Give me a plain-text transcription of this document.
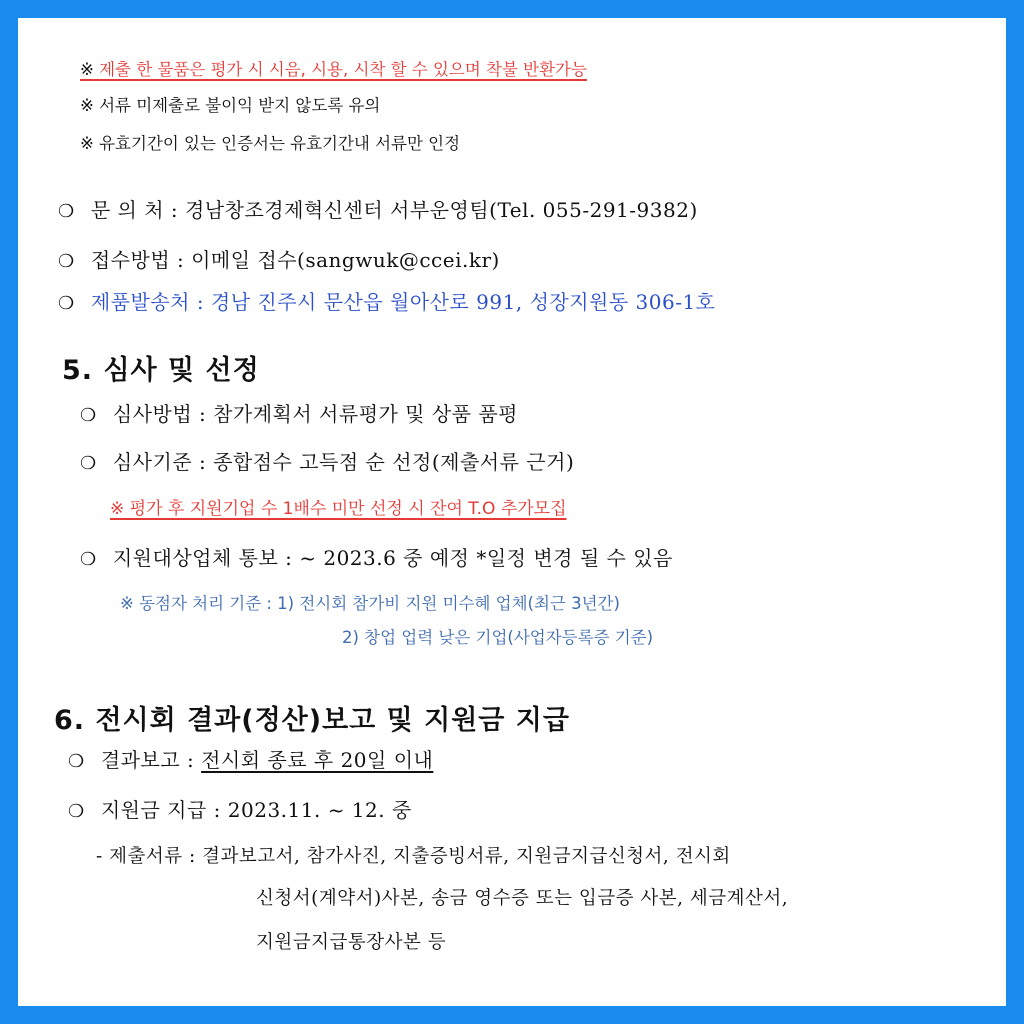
※ 제출 한 물품은 평가 시 시음, 시용, 시착 할 수 있으며 착불 반환가능
※ 서류 미제출로 불이익 받지 않도록 유의
※ 유효기간이 있는 인증서는 유효기간내 서류만 인정
❍ 문 의 처 : 경남창조경제혁신센터 서부운영팀(Tel. 055-291-9382)
❍ 접수방법 : 이메일 접수(sangwuk@ccei.kr)
❍ 제품발송처 : 경남 진주시 문산읍 월아산로 991, 성장지원동 306-1호
5. 심사 및 선정
❍ 심사방법 : 참가계획서 서류평가 및 상품 품평
❍ 심사기준 : 종합점수 고득점 순 선정(제출서류 근거)
※ 평가 후 지원기업 수 1배수 미만 선정 시 잔여 T.O 추가모집
❍ 지원대상업체 통보 : ~ 2023.6 중 예정 *일정 변경 될 수 있음
※ 동점자 처리 기준 : 1) 전시회 참가비 지원 미수혜 업체(최근 3년간)
2) 창업 업력 낮은 기업(사업자등록증 기준)
6. 전시회 결과(정산)보고 및 지원금 지급
❍ 결과보고 : 전시회 종료 후 20일 이내
❍ 지원금 지급 : 2023.11. ~ 12. 중
- 제출서류 : 결과보고서, 참가사진, 지출증빙서류, 지원금지급신청서, 전시회
신청서(계약서)사본, 송금 영수증 또는 입금증 사본, 세금계산서,
지원금지급통장사본 등
